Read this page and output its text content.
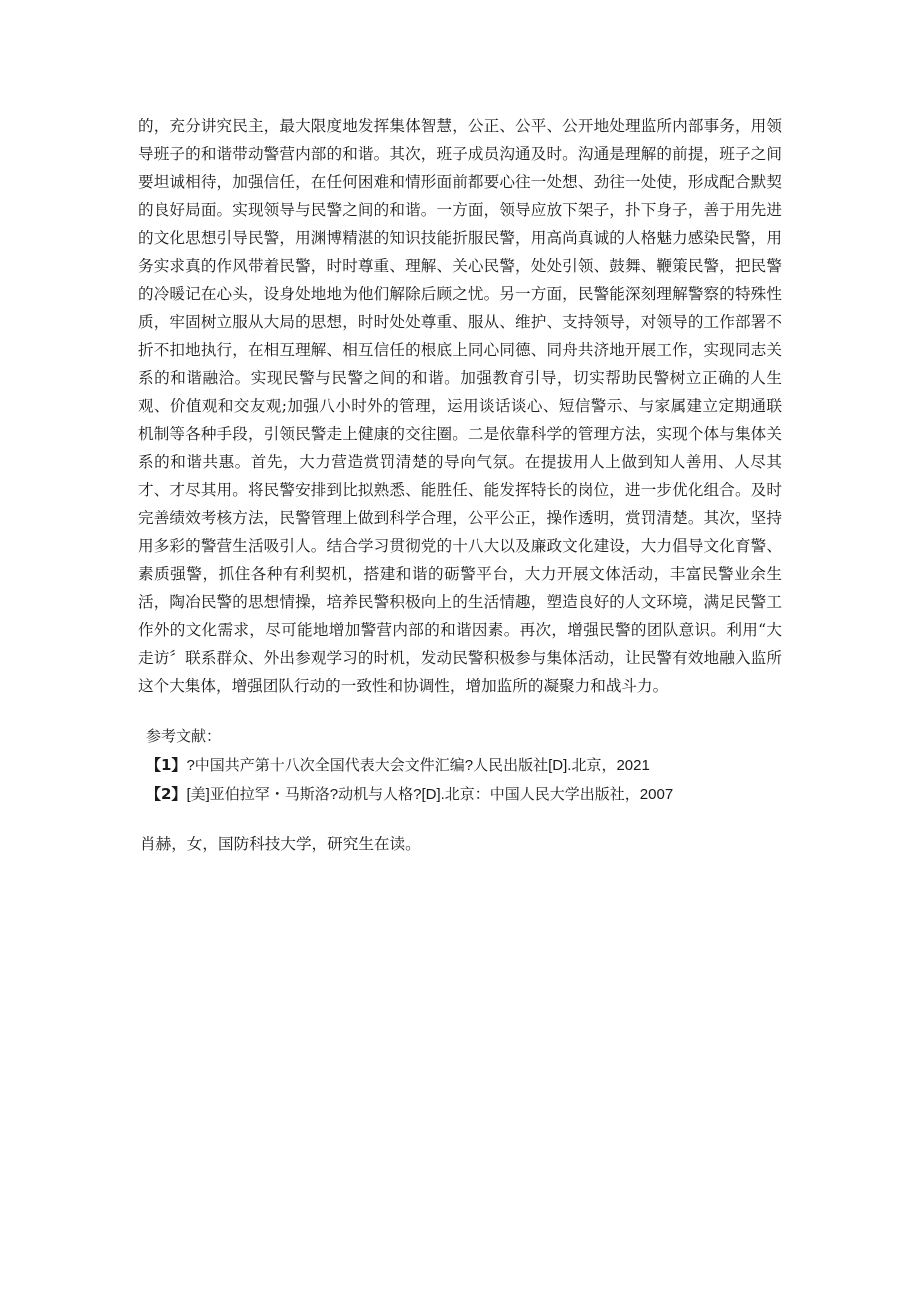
的，充分讲究民主，最大限度地发挥集体智慧，公正、公平、公开地处理监所内部事务，用领导班子的和谐带动警营内部的和谐。其次，班子成员沟通及时。沟通是理解的前提，班子之间要坦诚相待，加强信任，在任何困难和情形面前都要心往一处想、劲往一处使，形成配合默契的良好局面。实现领导与民警之间的和谐。一方面，领导应放下架子，扑下身子，善于用先进的文化思想引导民警，用渊博精湛的知识技能折服民警，用高尚真诚的人格魅力感染民警，用务实求真的作风带着民警，时时尊重、理解、关心民警，处处引领、鼓舞、鞭策民警，把民警的冷暖记在心头，设身处地地为他们解除后顾之忧。另一方面，民警能深刻理解警察的特殊性质，牢固树立服从大局的思想，时时处处尊重、服从、维护、支持领导，对领导的工作部署不折不扣地执行，在相互理解、相互信任的根底上同心同德、同舟共济地开展工作，实现同志关系的和谐融洽。实现民警与民警之间的和谐。加强教育引导，切实帮助民警树立正确的人生观、价值观和交友观;加强八小时外的管理，运用谈话谈心、短信警示、与家属建立定期通联机制等各种手段，引领民警走上健康的交往圈。二是依靠科学的管理方法，实现个体与集体关系的和谐共惠。首先，大力营造赏罚清楚的导向气氛。在提拔用人上做到知人善用、人尽其才、才尽其用。将民警安排到比拟熟悉、能胜任、能发挥特长的岗位，进一步优化组合。及时完善绩效考核方法，民警管理上做到科学合理，公平公正，操作透明，赏罚清楚。其次，坚持用多彩的警营生活吸引人。结合学习贯彻党的十八大以及廉政文化建设，大力倡导文化育警、素质强警，抓住各种有利契机，搭建和谐的砺警平台，大力开展文体活动，丰富民警业余生活，陶冶民警的思想情操，培养民警积极向上的生活情趣，塑造良好的人文环境，满足民警工作外的文化需求，尽可能地增加警营内部的和谐因素。再次，增强民警的团队意识。利用“大走访〞联系群众、外出参观学习的时机，发动民警积极参与集体活动，让民警有效地融入监所这个大集体，增强团队行动的一致性和协调性，增加监所的凝聚力和战斗力。

参考文献：
【1】?中国共产第十八次全国代表大会文件汇编?人民出版社[D].北京，2021
【2】[美]亚伯拉罕・马斯洛?动机与人格?[D].北京：中国人民大学出版社，2007
肖赫，女，国防科技大学，研究生在读。
